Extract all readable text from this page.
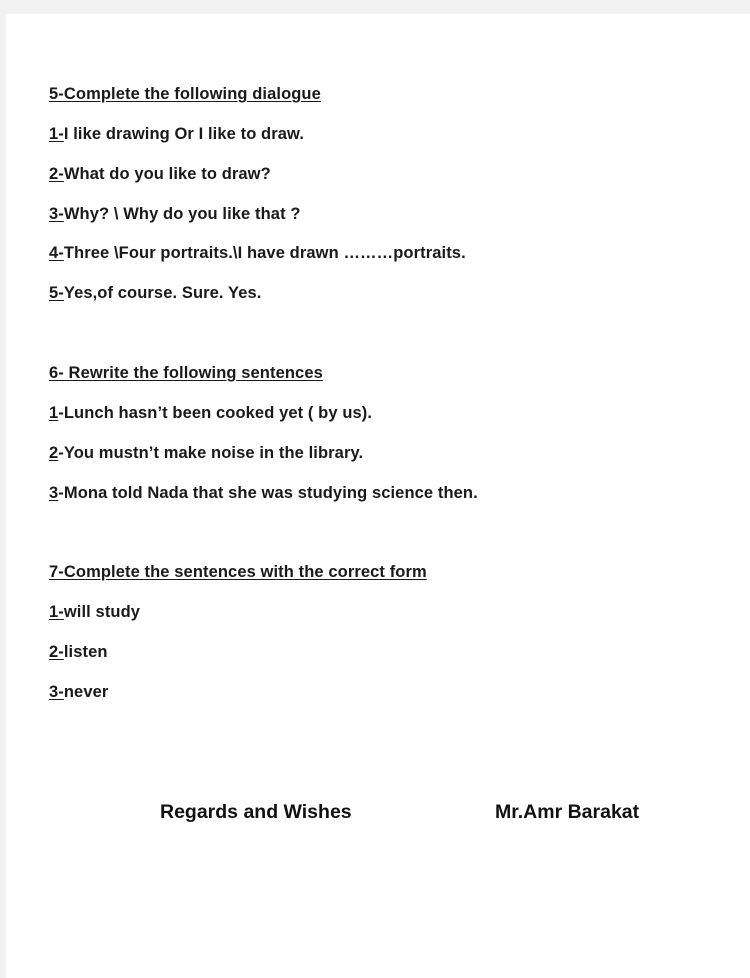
5-Complete the following dialogue
1-I like drawing Or I like to draw.
2-What do you like to draw?
3-Why? \ Why do you like that ?
4-Three \Four portraits.\I have drawn ………portraits.
5-Yes,of course. Sure. Yes.
6- Rewrite the following sentences
1-Lunch hasn’t been cooked yet ( by us).
2-You mustn’t make noise in the library.
3-Mona told Nada that she was studying science then.
7-Complete the sentences with the correct form
1-will study
2-listen
3-never
Regards and Wishes	Mr.Amr Barakat
